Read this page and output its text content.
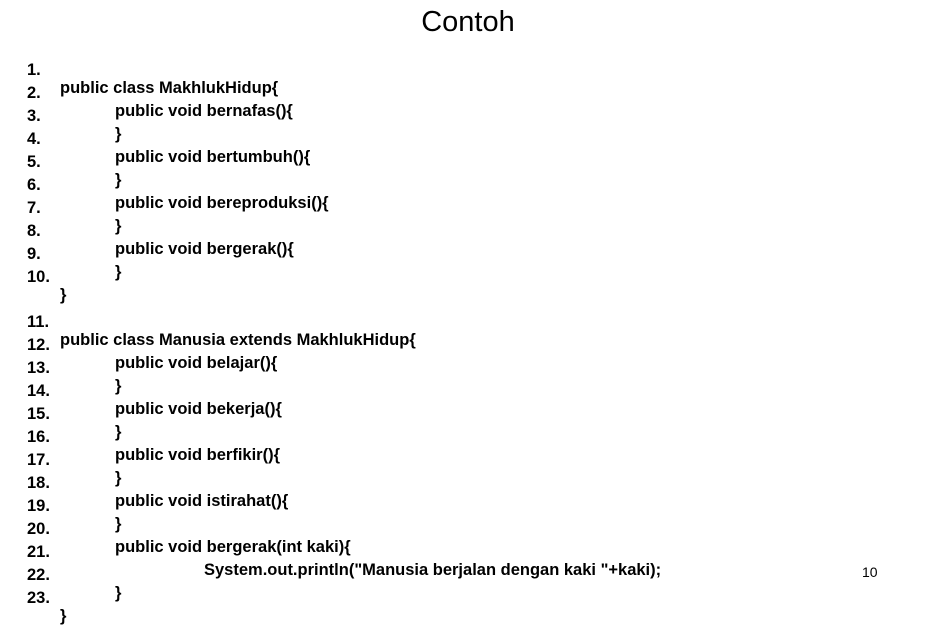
Contoh

1.

public class MakhlukHidup{

2.

public void bernafas(){

3.

}

4.

public void bertumbuh(){

5.

}

6.

public void bereproduksi(){

7.

}

8.

public void bergerak(){

9.

}

10.

}

11.

public class Manusia extends MakhlukHidup{

12.

public void belajar(){

13.

}

14.

public void bekerja(){

15.

}

16.

public void berfikir(){

17.

}

18.

public void istirahat(){

19.

}

20.

public void bergerak(int kaki){

21.

System.out.println("Manusia berjalan dengan kaki "+kaki);

22.

}

23.

}

10
